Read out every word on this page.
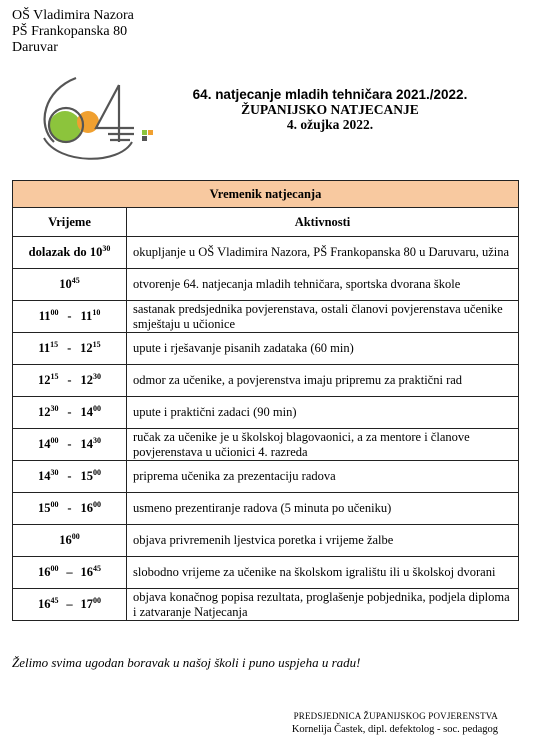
OŠ Vladimira Nazora
PŠ Frankopanska 80
Daruvar
64. natjecanje mladih tehničara 2021./2022.
ŽUPANIJSKO NATJECANJE
4. ožujka 2022.
Vremenik natjecanja	
Vrijeme	Aktivnosti
dolazak do $10^{30}$	okupljanje u OŠ Vladimira Nazora, PŠ Frankopanska 80 u Daruvaru, užina
$10^{45}$	otvorenje 64. natjecanja mladih tehničara, sportska dvorana škole
$11^{00} - 11^{10}$	sastanak predsjednika povjerenstava, ostali članovi povjerenstava učenike smještaju u učionice
$11^{15} - 12^{15}$	upute i rješavanje pisanih zadataka (60 min)
$12^{15} - 12^{30}$	odmor za učenike, a povjerenstva imaju pripremu za praktični rad
$12^{30} - 14^{00}$	upute i praktični zadaci (90 min)
$14^{00} - 14^{30}$	ručak za učenike je u školskoj blagovaonici, a za mentore i članove povjerenstava u učionici 4. razreda
$14^{30} - 15^{00}$	priprema učenika za prezentaciju radova
$15^{00} - 16^{00}$	usmeno prezentiranje radova (5 minuta po učeniku)
$16^{00}$	objava privremenih ljestvica poretka i vrijeme žalbe
$16^{00} - 16^{45}$	slobodno vrijeme za učenike na školskom igralištu ili u školskoj dvorani
$16^{45} - 17^{00}$	objava konačnog popisa rezultata, proglašenje pobjednika, podjela diploma i zatvaranje Natjecanja
Želimo svima ugodan boravak u našoj školi i puno uspjeha u radu!
PREDSJEDNICA ŽUPANIJSKOG POVJERENSTVA
Kornelija Častek, dipl. defektolog - soc. pedagog
